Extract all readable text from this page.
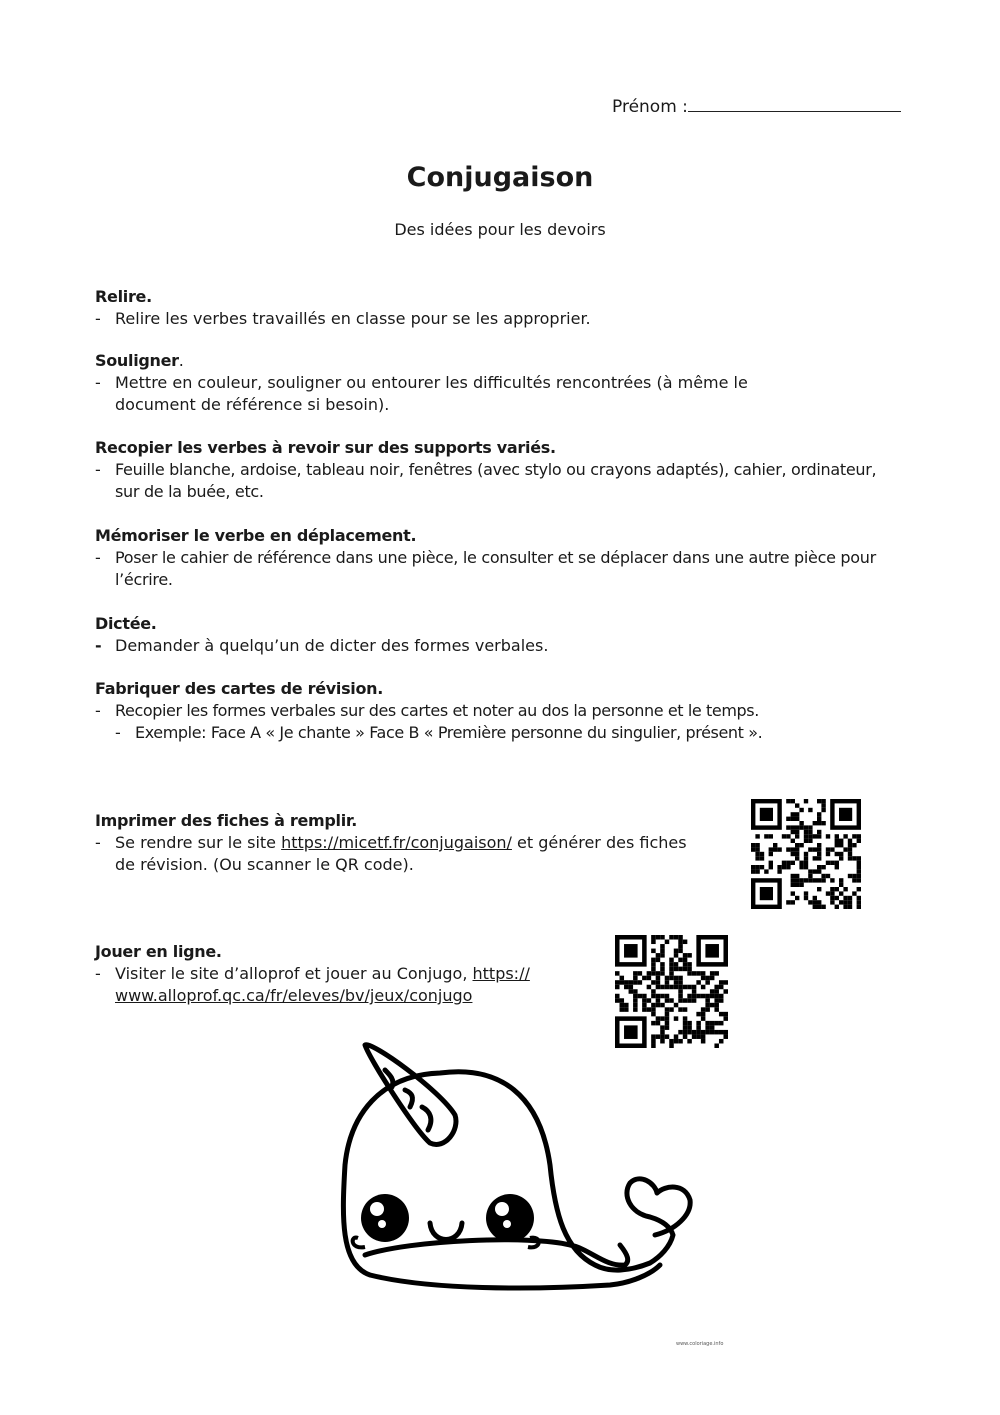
Prénom :
Conjugaison
Des idées pour les devoirs
Relire.
- Relire les verbes travaillés en classe pour se les approprier.
Souligner.
- Mettre en couleur, souligner ou entourer les difficultés rencontrées (à même le document de référence si besoin).
Recopier les verbes à revoir sur des supports variés.
- Feuille blanche, ardoise, tableau noir, fenêtres (avec stylo ou crayons adaptés), cahier, ordinateur, sur de la buée, etc.
Mémoriser le verbe en déplacement.
- Poser le cahier de référence dans une pièce, le consulter et se déplacer dans une autre pièce pour l’écrire.
Dictée.
- Demander à quelqu’un de dicter des formes verbales.
Fabriquer des cartes de révision.
- Recopier les formes verbales sur des cartes et noter au dos la personne et le temps.
- Exemple: Face A « Je chante » Face B « Première personne du singulier, présent ».
Imprimer des fiches à remplir.
- Se rendre sur le site https://micetf.fr/conjugaison/ et générer des fiches de révision. (Ou scanner le QR code).
Jouer en ligne.
- Visiter le site d’alloprof et jouer au Conjugo, https:// www.alloprof.qc.ca/fr/eleves/bv/jeux/conjugo
www.coloriage.info
